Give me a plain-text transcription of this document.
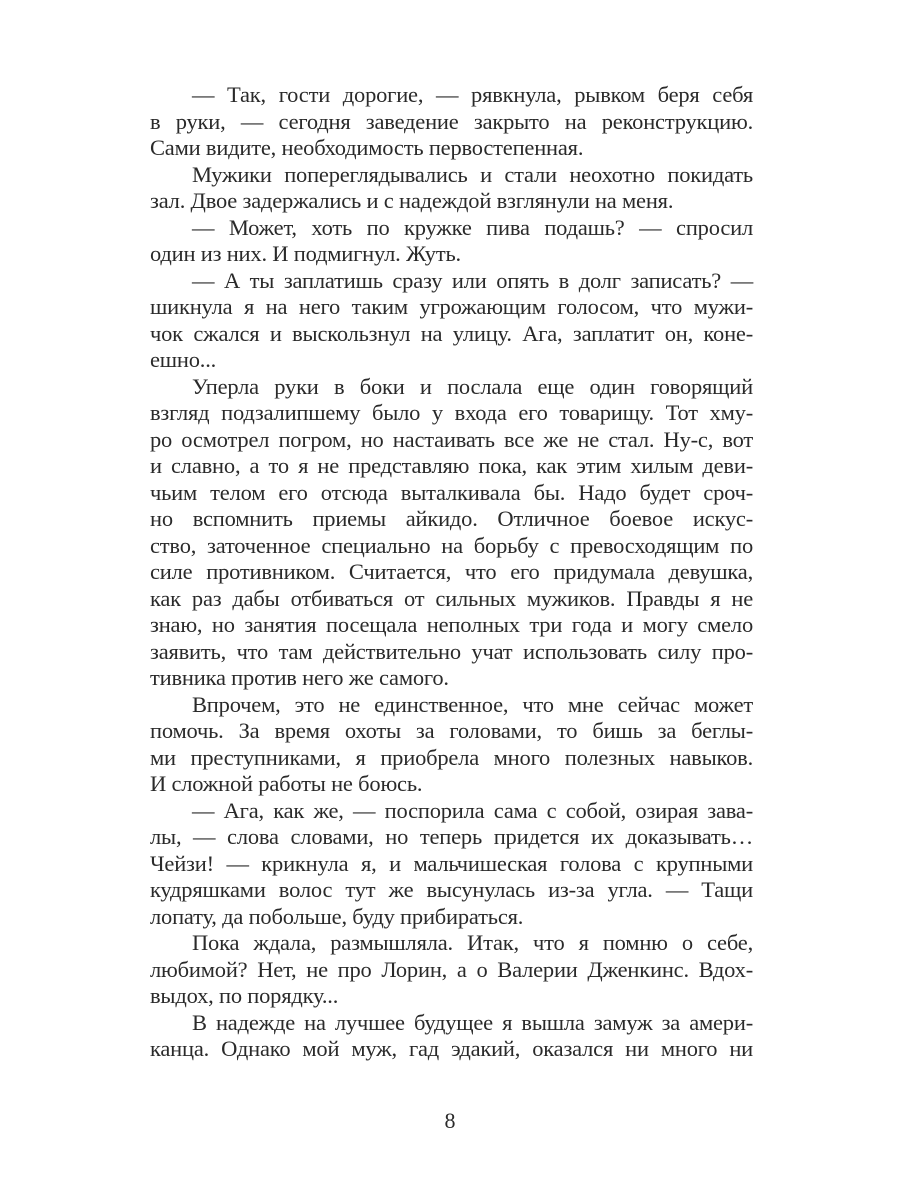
— Так, гости дорогие, — рявкнула, рывком беря себя
в руки, — сегодня заведение закрыто на реконструкцию.
Сами видите, необходимость первостепенная.
Мужики попереглядывались и стали неохотно покидать
зал. Двое задержались и с надеждой взглянули на меня.
— Может, хоть по кружке пива подашь? — спросил
один из них. И подмигнул. Жуть.
— А ты заплатишь сразу или опять в долг записать? —
шикнула я на него таким угрожающим голосом, что мужи-
чок сжался и выскользнул на улицу. Ага, заплатит он, коне-
ешно...
Уперла руки в боки и послала еще один говорящий
взгляд подзалипшему было у входа его товарищу. Тот хму-
ро осмотрел погром, но настаивать все же не стал. Ну-с, вот
и славно, а то я не представляю пока, как этим хилым деви-
чьим телом его отсюда выталкивала бы. Надо будет сроч-
но вспомнить приемы айкидо. Отличное боевое искус-
ство, заточенное специально на борьбу с превосходящим по
силе противником. Считается, что его придумала девушка,
как раз дабы отбиваться от сильных мужиков. Правды я не
знаю, но занятия посещала неполных три года и могу смело
заявить, что там действительно учат использовать силу про-
тивника против него же самого.
Впрочем, это не единственное, что мне сейчас может
помочь. За время охоты за головами, то бишь за беглы-
ми преступниками, я приобрела много полезных навыков.
И сложной работы не боюсь.
— Ага, как же, — поспорила сама с собой, озирая зава-
лы, — слова словами, но теперь придется их доказывать…
Чейзи! — крикнула я, и мальчишеская голова с крупными
кудряшками волос тут же высунулась из-за угла. — Тащи
лопату, да побольше, буду прибираться.
Пока ждала, размышляла. Итак, что я помню о себе,
любимой? Нет, не про Лорин, а о Валерии Дженкинс. Вдох-
выдох, по порядку...
В надежде на лучшее будущее я вышла замуж за амери-
канца. Однако мой муж, гад эдакий, оказался ни много ни
8
